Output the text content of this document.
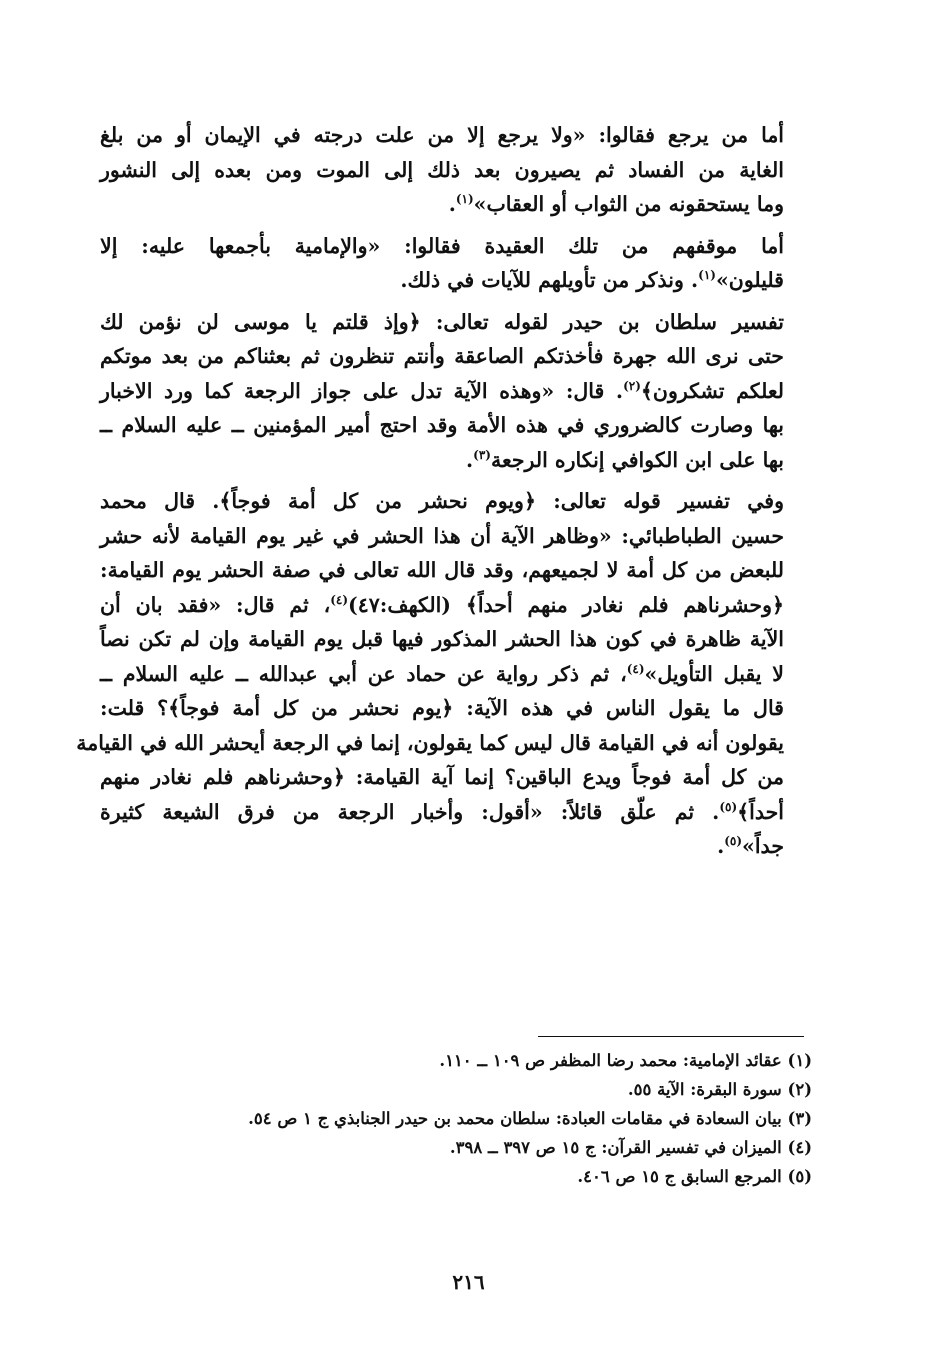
أما من يرجع فقالوا: «ولا يرجع إلا من علت درجته في الإيمان أو من بلغ
الغاية من الفساد ثم يصيرون بعد ذلك إلى الموت ومن بعده إلى النشور
وما يستحقونه من الثواب أو العقاب»$^{(١)}$.
أما موقفهم من تلك العقيدة فقالوا: «والإمامية بأجمعها عليه: إلا
قليلون»$^{(١)}$. ونذكر من تأويلهم للآيات في ذلك.
تفسير سلطان بن حيدر لقوله تعالى: ﴿وإذ قلتم يا موسى لن نؤمن لك
حتى نرى الله جهرة فأخذتكم الصاعقة وأنتم تنظرون ثم بعثناكم من بعد موتكم
لعلكم تشكرون﴾$^{(٢)}$. قال: «وهذه الآية تدل على جواز الرجعة كما ورد الاخبار
بها وصارت كالضروري في هذه الأمة وقد احتج أمير المؤمنين ــ عليه السلام ــ
بها على ابن الكوافي إنكاره الرجعة$^{(٣)}$.
وفي تفسير قوله تعالى: ﴿ويوم نحشر من كل أمة فوجاً﴾. قال محمد
حسين الطباطبائي: «وظاهر الآية أن هذا الحشر في غير يوم القيامة لأنه حشر
للبعض من كل أمة لا لجميعهم، وقد قال الله تعالى في صفة الحشر يوم القيامة:
﴿وحشرناهم فلم نغادر منهم أحداً﴾ (الكهف:٤٧)$^{(٤)}$، ثم قال: «فقد بان أن
الآية ظاهرة في كون هذا الحشر المذكور فيها قبل يوم القيامة وإن لم تكن نصاً
لا يقبل التأويل»$^{(٤)}$، ثم ذكر رواية عن حماد عن أبي عبدالله ــ عليه السلام ــ
قال ما يقول الناس في هذه الآية: ﴿يوم نحشر من كل أمة فوجاً﴾؟ قلت:
يقولون أنه في القيامة قال ليس كما يقولون، إنما في الرجعة أيحشر الله في القيامة
من كل أمة فوجاً ويدع الباقين؟ إنما آية القيامة: ﴿وحشرناهم فلم نغادر منهم
أحداً﴾$^{(٥)}$. ثم علّق قائلاً: «أقول: وأخبار الرجعة من فرق الشيعة كثيرة
جداً»$^{(٥)}$.
(١) عقائد الإمامية: محمد رضا المظفر ص ١٠٩ ــ ١١٠.
(٢) سورة البقرة: الآية ٥٥.
(٣) بيان السعادة في مقامات العبادة: سلطان محمد بن حيدر الجنابذي ج ١ ص ٥٤.
(٤) الميزان في تفسير القرآن: ج ١٥ ص ٣٩٧ ــ ٣٩٨.
(٥) المرجع السابق ج ١٥ ص ٤٠٦.
٢١٦
